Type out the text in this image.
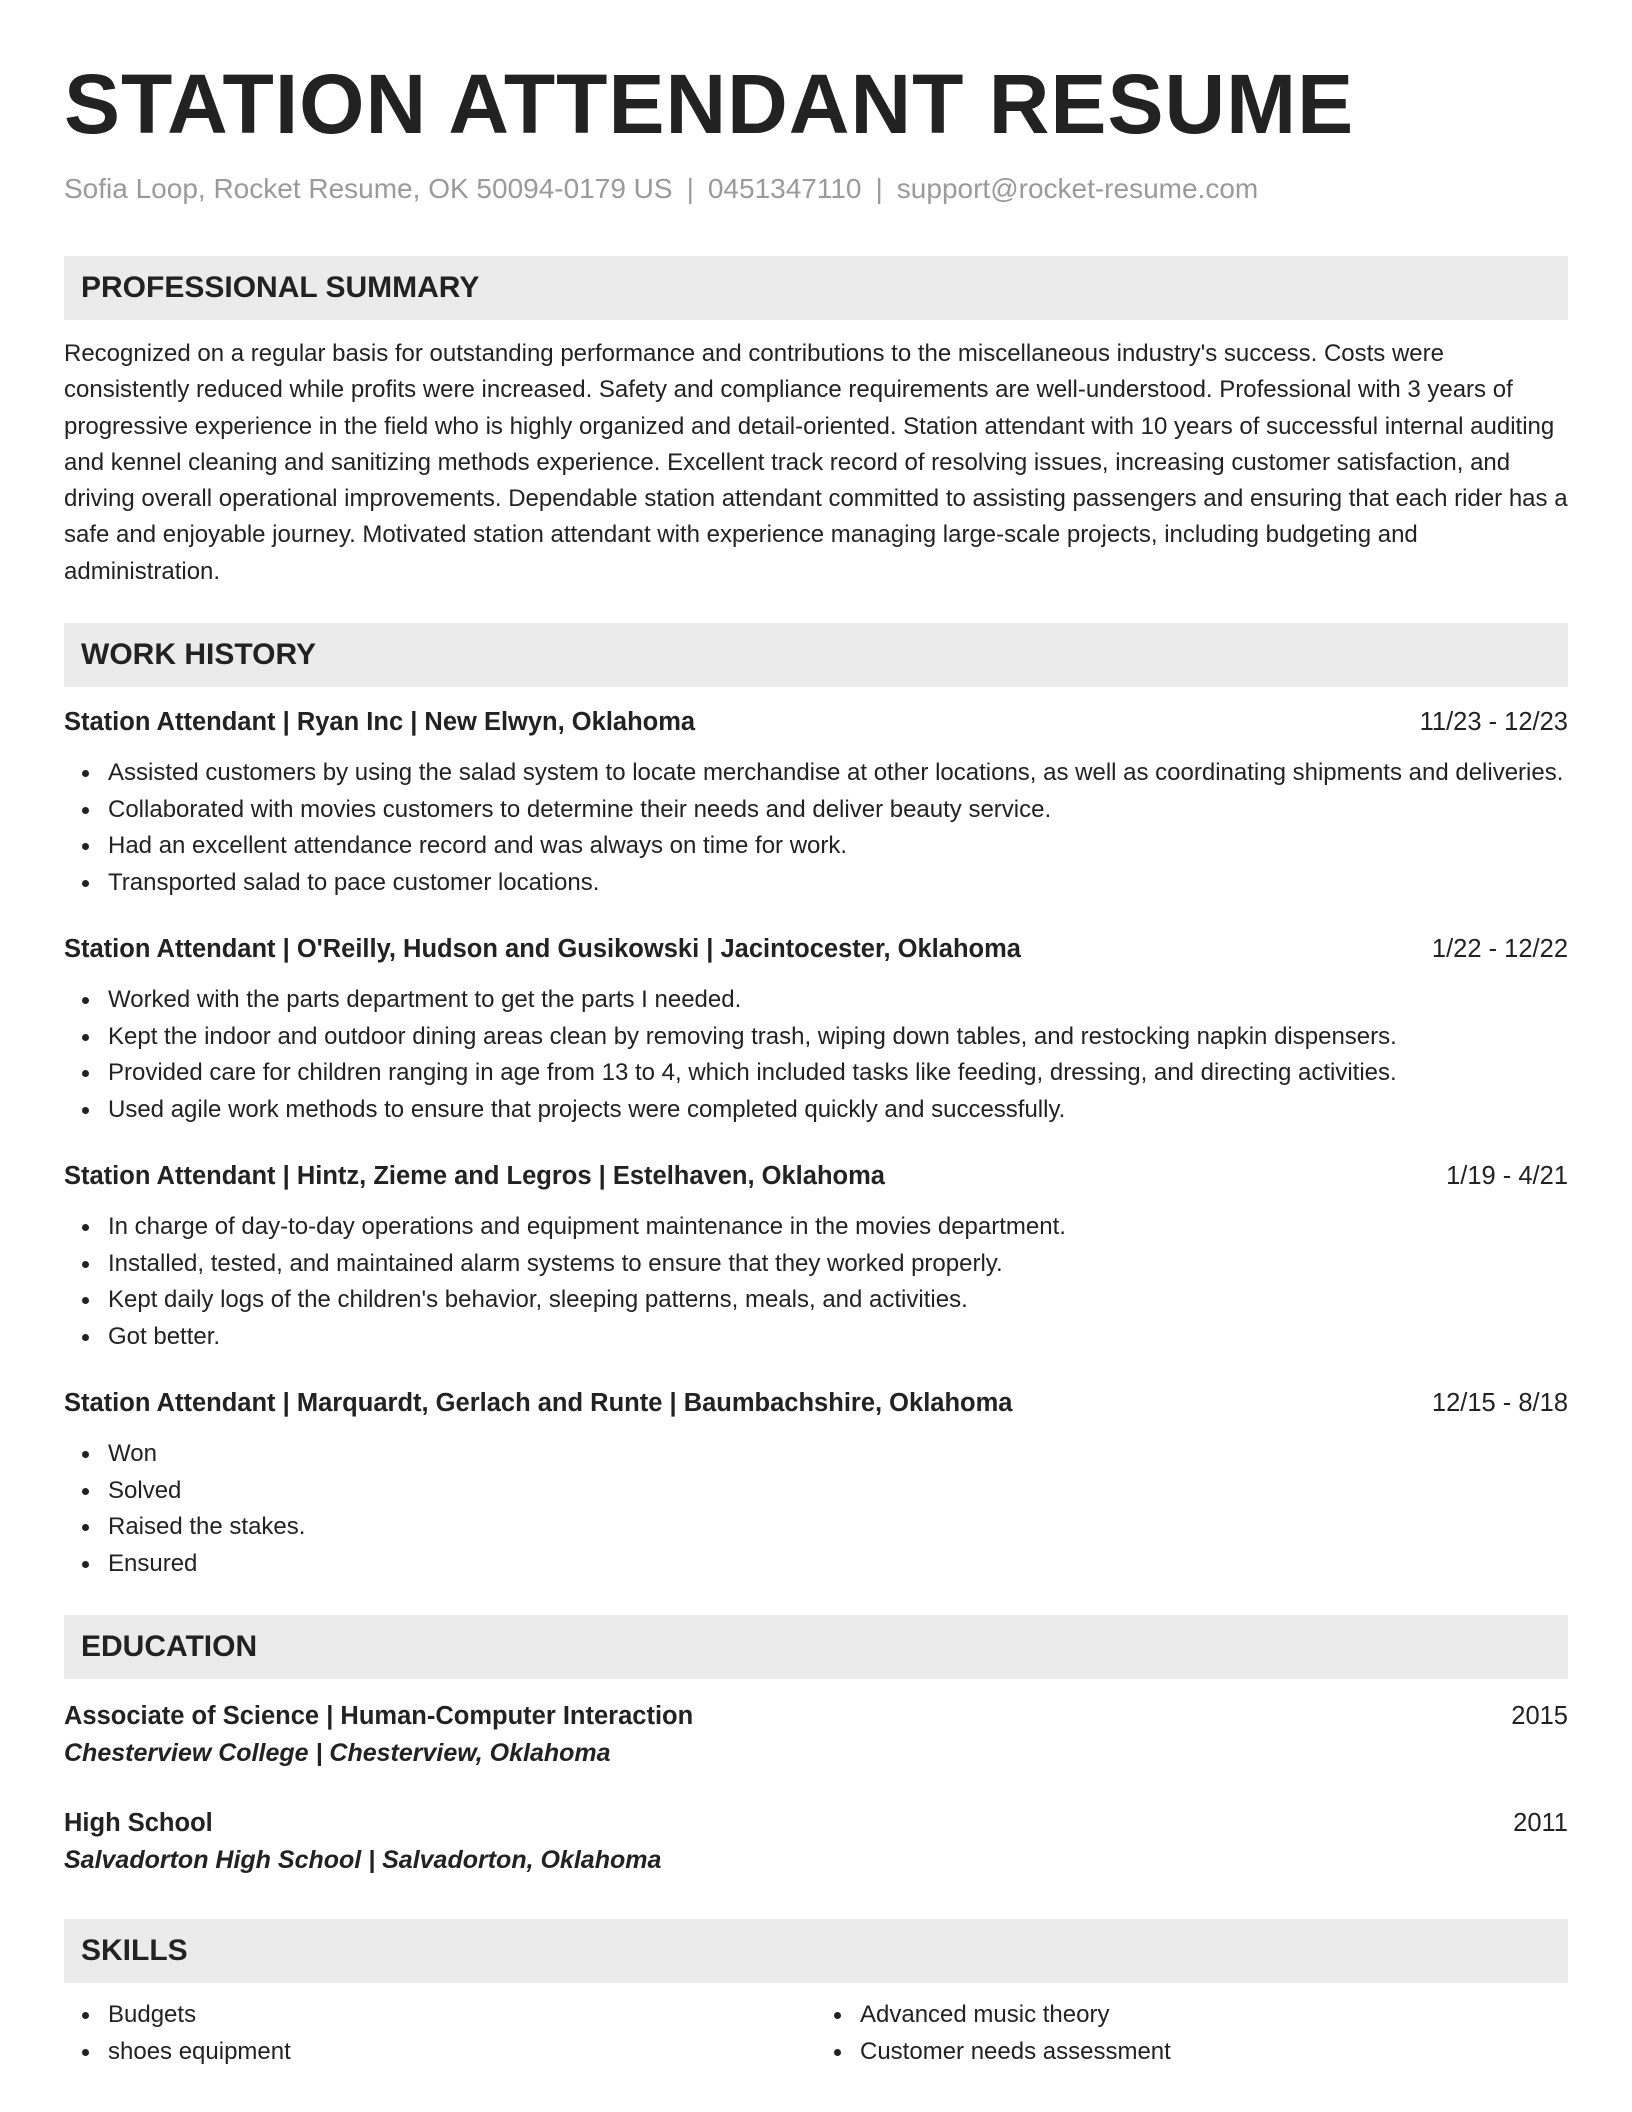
STATION ATTENDANT RESUME
Sofia Loop, Rocket Resume, OK 50094-0179 US | 0451347110 | support@rocket-resume.com
PROFESSIONAL SUMMARY
Recognized on a regular basis for outstanding performance and contributions to the miscellaneous industry's success. Costs were consistently reduced while profits were increased. Safety and compliance requirements are well-understood. Professional with 3 years of progressive experience in the field who is highly organized and detail-oriented. Station attendant with 10 years of successful internal auditing and kennel cleaning and sanitizing methods experience. Excellent track record of resolving issues, increasing customer satisfaction, and driving overall operational improvements. Dependable station attendant committed to assisting passengers and ensuring that each rider has a safe and enjoyable journey. Motivated station attendant with experience managing large-scale projects, including budgeting and administration.
WORK HISTORY
Station Attendant | Ryan Inc | New Elwyn, Oklahoma	11/23 - 12/23
Assisted customers by using the salad system to locate merchandise at other locations, as well as coordinating shipments and deliveries.
Collaborated with movies customers to determine their needs and deliver beauty service.
Had an excellent attendance record and was always on time for work.
Transported salad to pace customer locations.
Station Attendant | O'Reilly, Hudson and Gusikowski | Jacintocester, Oklahoma	1/22 - 12/22
Worked with the parts department to get the parts I needed.
Kept the indoor and outdoor dining areas clean by removing trash, wiping down tables, and restocking napkin dispensers.
Provided care for children ranging in age from 13 to 4, which included tasks like feeding, dressing, and directing activities.
Used agile work methods to ensure that projects were completed quickly and successfully.
Station Attendant | Hintz, Zieme and Legros | Estelhaven, Oklahoma	1/19 - 4/21
In charge of day-to-day operations and equipment maintenance in the movies department.
Installed, tested, and maintained alarm systems to ensure that they worked properly.
Kept daily logs of the children's behavior, sleeping patterns, meals, and activities.
Got better.
Station Attendant | Marquardt, Gerlach and Runte | Baumbachshire, Oklahoma	12/15 - 8/18
Won
Solved
Raised the stakes.
Ensured
EDUCATION
Associate of Science | Human-Computer Interaction	2015
Chesterview College | Chesterview, Oklahoma
High School	2011
Salvadorton High School | Salvadorton, Oklahoma
SKILLS
Budgets
shoes equipment
Advanced music theory
Customer needs assessment
